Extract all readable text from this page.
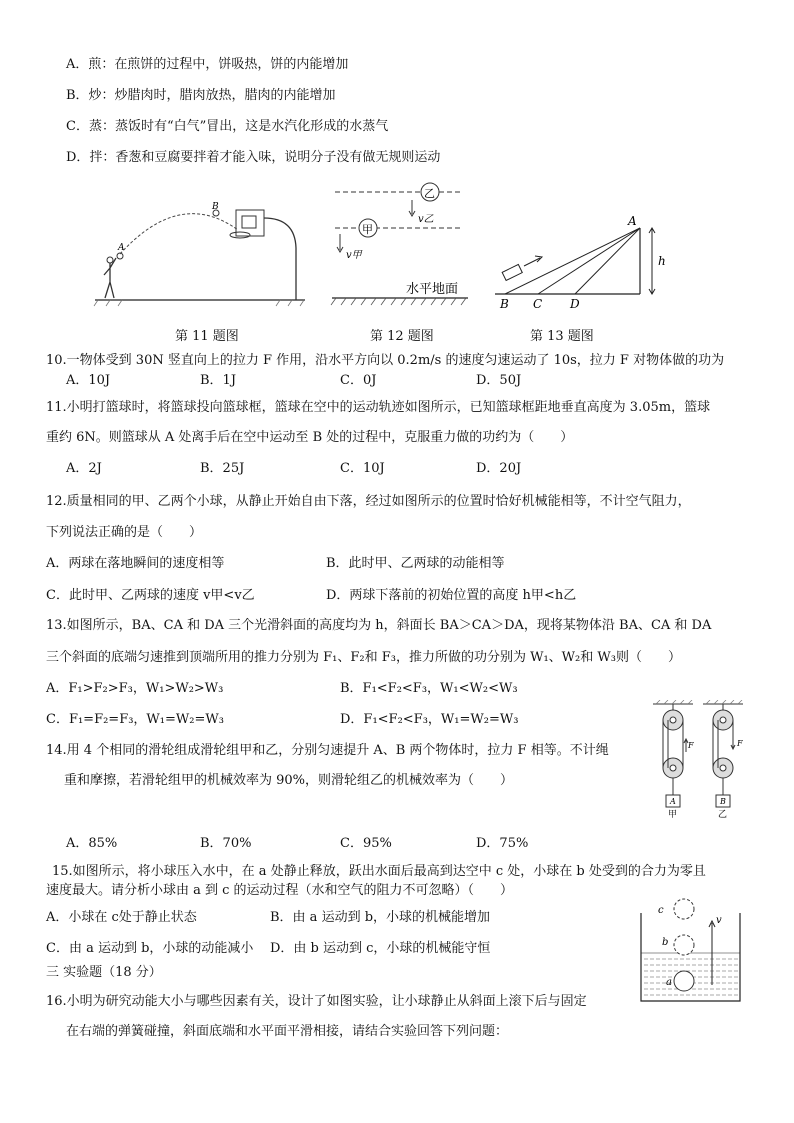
A．煎：在煎饼的过程中，饼吸热，饼的内能增加
B．炒：炒腊肉时，腊肉放热，腊肉的内能增加
C．蒸：蒸饭时有“白气”冒出，这是水汽化形成的水蒸气
D．拌：香葱和豆腐要拌着才能入味，说明分子没有做无规则运动
B
A
第 11 题图
乙
v乙
甲
v甲
水平地面
第 12 题图
h
A
B C D
第 13 题图
10.一物体受到 30N 竖直向上的拉力 F 作用，沿水平方向以 0.2m/s 的速度匀速运动了 10s，拉力 F 对物体做的功为
A．10J	B．1J	C．0J	D．50J
11.小明打篮球时，将篮球投向篮球框，篮球在空中的运动轨迹如图所示，已知篮球框距地垂直高度为 3.05m，篮球
重约 6N。则篮球从 A 处离手后在空中运动至 B 处的过程中，克服重力做的功约为（　　）
A．2J	B．25J	C．10J	D．20J
12.质量相同的甲、乙两个小球，从静止开始自由下落，经过如图所示的位置时恰好机械能相等，不计空气阻力，
下列说法正确的是（　　）
A．两球在落地瞬间的速度相等	B．此时甲、乙两球的动能相等
C．此时甲、乙两球的速度 v甲<v乙	D．两球下落前的初始位置的高度 h甲<h乙
13.如图所示，BA、CA 和 DA 三个光滑斜面的高度均为 h，斜面长 BA＞CA＞DA，现将某物体沿 BA、CA 和 DA
三个斜面的底端匀速推到顶端所用的推力分别为 F₁、F₂和 F₃，推力所做的功分别为 W₁、W₂和 W₃则（　　）
A．F₁>F₂>F₃，W₁>W₂>W₃	B．F₁<F₂<F₃，W₁<W₂<W₃
C．F₁=F₂=F₃，W₁=W₂=W₃	D．F₁<F₂<F₃，W₁=W₂=W₃
14.用 4 个相同的滑轮组成滑轮组甲和乙，分别匀速提升 A、B 两个物体时，拉力 F 相等。不计绳
重和摩擦，若滑轮组甲的机械效率为 90%，则滑轮组乙的机械效率为（　　）
A．85%	B．70%	C．95%	D．75%
A
F
甲
B
F
乙
15.如图所示，将小球压入水中，在 a 处静止释放，跃出水面后最高到达空中 c 处，小球在 b 处受到的合力为零且
速度最大。请分析小球由 a 到 c 的运动过程（水和空气的阻力不可忽略）（　　）
A．小球在 c处于静止状态	B．由 a 运动到 b，小球的机械能增加
C．由 a 运动到 b，小球的动能减小 D．由 b 运动到 c，小球的机械能守恒
v
c
b
a
三 实验题（18 分）
16.小明为研究动能大小与哪些因素有关，设计了如图实验，让小球静止从斜面上滚下后与固定
在右端的弹簧碰撞，斜面底端和水平面平滑相接，请结合实验回答下列问题：
